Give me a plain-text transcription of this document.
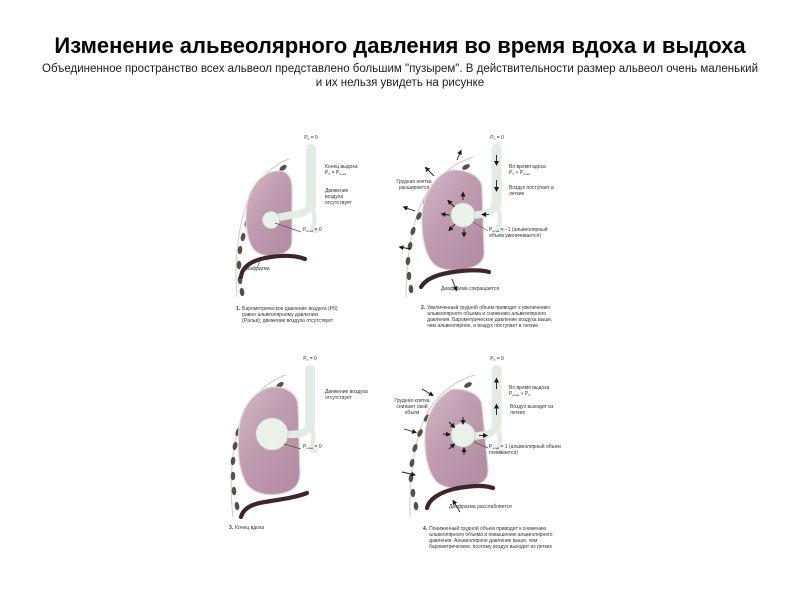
Изменение альвеолярного давления во время вдоха и выдоха
Объединенное пространство всех альвеол представлено большим "пузырем". В действительности размер альвеол очень маленький и их нельзя увидеть на рисунке
$P_б = 0$
Конец выдоха
$P_б = P_{альв}$
Движение воздуха отсутствует
$P_{альв} = 0$
Диафрагма
$P_б = 0$
Грудная клетка расширяется
Во время вдоха
$P_б > P_{альв}$
Воздух поступает в легкие
$P_{альв} = -1$ (альвеолярный объем увеличивается)
Диафрагма сокращается
$P_б = 0$
Движение воздуха отсутствует
$P_{альв} = 0$
$P_б = 0$
Грудная клетка снижает свой объем
Во время выдоха
$P_{альв} > P_б$
Воздух выходит из легких
$P_{альв} = 1$ (альвеолярный объем понижается)
Диафрагма расслабляется
1. Барометрическое давление воздуха (Pб) равно альвеолярному давлению (Pальв); движение воздуха отсутствует
2. Увеличенный грудной объем приводит к увеличению альвеолярного объема и снижению альвеолярного давления. Барометрическое давление воздуха выше, чем альвеолярное, и воздух поступает в легкие
3. Конец вдоха	4. Пониженный грудной объем приводит к снижению альвеолярного объема и повышению альвеолярного давления. Альвеолярное давление выше, чем барометрическое, поэтому воздух выходит из легких
